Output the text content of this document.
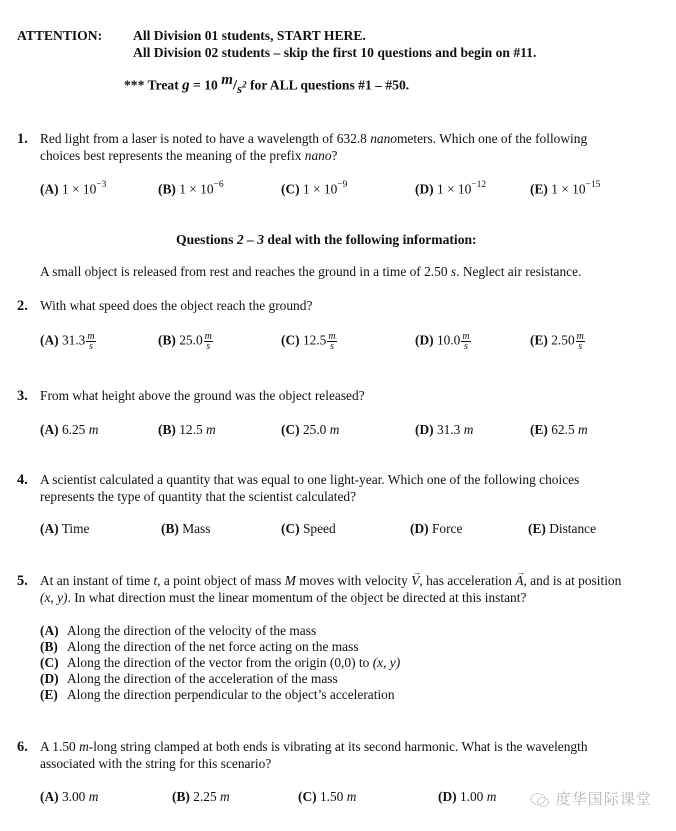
ATTENTION: All Division 01 students, START HERE.
All Division 02 students – skip the first 10 questions and begin on #11.
*** Treat g = 10 $m/s^2$ for ALL questions #1 – #50.
1. Red light from a laser is noted to have a wavelength of 632.8 nanometers. Which one of the following
choices best represents the meaning of the prefix nano?
(A) $1 \times 10^{-3}$	(B) $1 \times 10^{-6}$	(C) $1 \times 10^{-9}$	(D) $1 \times 10^{-12}$	(E) $1 \times 10^{-15}$
Questions 2 – 3 deal with the following information:
A small object is released from rest and reaches the ground in a time of 2.50 s. Neglect air resistance.
2. With what speed does the object reach the ground?
(A) $31.3 \frac{m}{s}$	(B) $25.0 \frac{m}{s}$	(C) $12.5 \frac{m}{s}$	(D) $10.0 \frac{m}{s}$	(E) $2.50 \frac{m}{s}$
3. From what height above the ground was the object released?
(A) 6.25 m	(B) 12.5 m	(C) 25.0 m	(D) 31.3 m	(E) 62.5 m
4. A scientist calculated a quantity that was equal to one light-year. Which one of the following choices
represents the type of quantity that the scientist calculated?
(A) Time	(B) Mass	(C) Speed	(D) Force	(E) Distance
5. At an instant of time t, a point object of mass M moves with velocity → V, has acceleration → A, and is at position
(x, y). In what direction must the linear momentum of the object be directed at this instant?
(A) Along the direction of the velocity of the mass
(B) Along the direction of the net force acting on the mass
(C) Along the direction of the vector from the origin (0,0) to (x, y)
(D) Along the direction of the acceleration of the mass
(E) Along the direction perpendicular to the object’s acceleration
6. A 1.50 m-long string clamped at both ends is vibrating at its second harmonic. What is the wavelength
associated with the string for this scenario?
(A) 3.00 m	(B) 2.25 m	(C) 1.50 m	(D) 1.00 m	度华国际课堂
